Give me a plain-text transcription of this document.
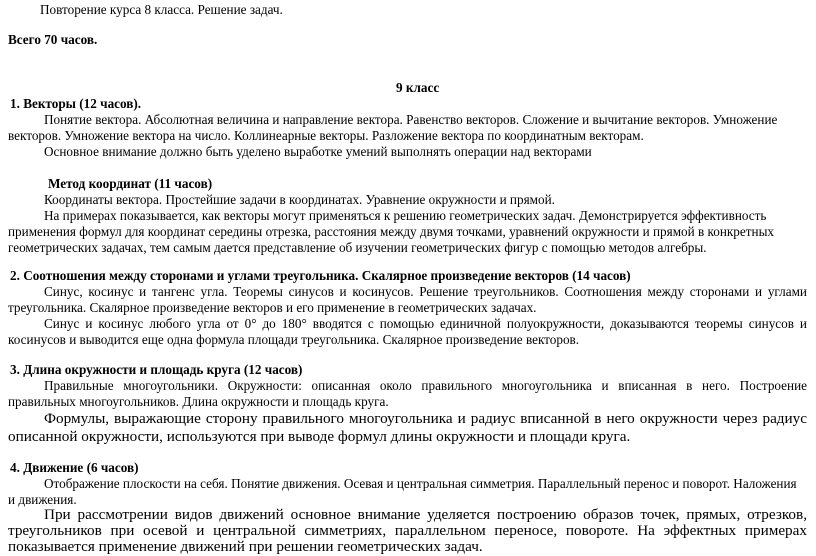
Повторение курса 8 класса. Решение задач.
Всего 70 часов.
9 класс
1. Векторы (12 часов).
Понятие вектора. Абсолютная величина и направление вектора. Равенство векторов. Сложение и вычитание векторов. Умножение
векторов. Умножение вектора на число. Коллинеарные векторы. Разложение вектора по координатным векторам.
Основное внимание должно быть уделено выработке умений выполнять операции над векторами
Метод координат (11 часов)
Координаты вектора. Простейшие задачи в координатах. Уравнение окружности и прямой.
На примерах показывается, как векторы могут применяться к решению геометрических задач. Демонстрируется эффективность
применения формул для координат середины отрезка, расстояния между двумя точками, уравнений окружности и прямой в конкретных
геометрических задачах, тем самым дается представление об изучении геометрических фигур с помощью методов алгебры.
2. Соотношения между сторонами и углами треугольника. Скалярное произведение векторов (14 часов)
Синус, косинус и тангенс угла. Теоремы синусов и косинусов. Решение треугольников. Соотношения между сторонами и углами
треугольника. Скалярное произведение векторов и его применение в геометрических задачах.
Синус и косинус любого угла от 0° до 180° вводятся с помощью единичной полуокружности, доказываются теоремы синусов и
косинусов и выводится еще одна формула площади треугольника. Скалярное произведение векторов.
3. Длина окружности и площадь круга (12 часов)
Правильные многоугольники. Окружности: описанная около правильного многоугольника и вписанная в него. Построение
правильных многоугольников. Длина окружности и площадь круга.
Формулы, выражающие сторону правильного многоугольника и радиус вписанной в него окружности через радиус
описанной окружности, используются при выводе формул длины окружности и площади круга.
4. Движение (6 часов)
Отображение плоскости на себя. Понятие движения. Осевая и центральная симметрия. Параллельный перенос и поворот. Наложения
и движения.
При рассмотрении видов движений основное внимание уделяется построению образов точек, прямых, отрезков,
треугольников при осевой и центральной симметриях, параллельном переносе, повороте. На эффектных примерах
показывается применение движений при решении геометрических задач.
